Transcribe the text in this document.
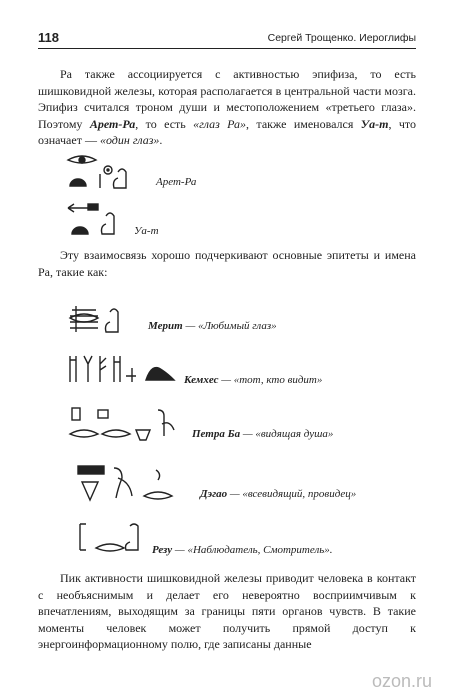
118	Сергей Трощенко. Иероглифы

Ра также ассоциируется с активностью эпифиза, то есть шишковидной железы, которая располагается в центральной части мозга. Эпифиз считался троном души и местоположением «третьего глаза». Поэтому Арет-Ра, то есть «глаз Ра», также именовался Уа-т, что означает — «один глаз».

Арет-Ра
Уа-т

Эту взаимосвязь хорошо подчеркивают основные эпитеты и имена Ра, такие как:

Мерит — «Любимый глаз»
Кемхес — «тот, кто видит»
Петра Ба — «видящая душа»
Дэгао — «всевидящий, провидец»
Резу — «Наблюдатель, Смотритель».

Пик активности шишковидной железы приводит человека в контакт с необъяснимым и делает его невероятно восприимчивым к впечатлениям, выходящим за границы пяти органов чувств. В такие моменты человек может получить прямой доступ к энергоинформационному полю, где записаны данные

ozon.ru
